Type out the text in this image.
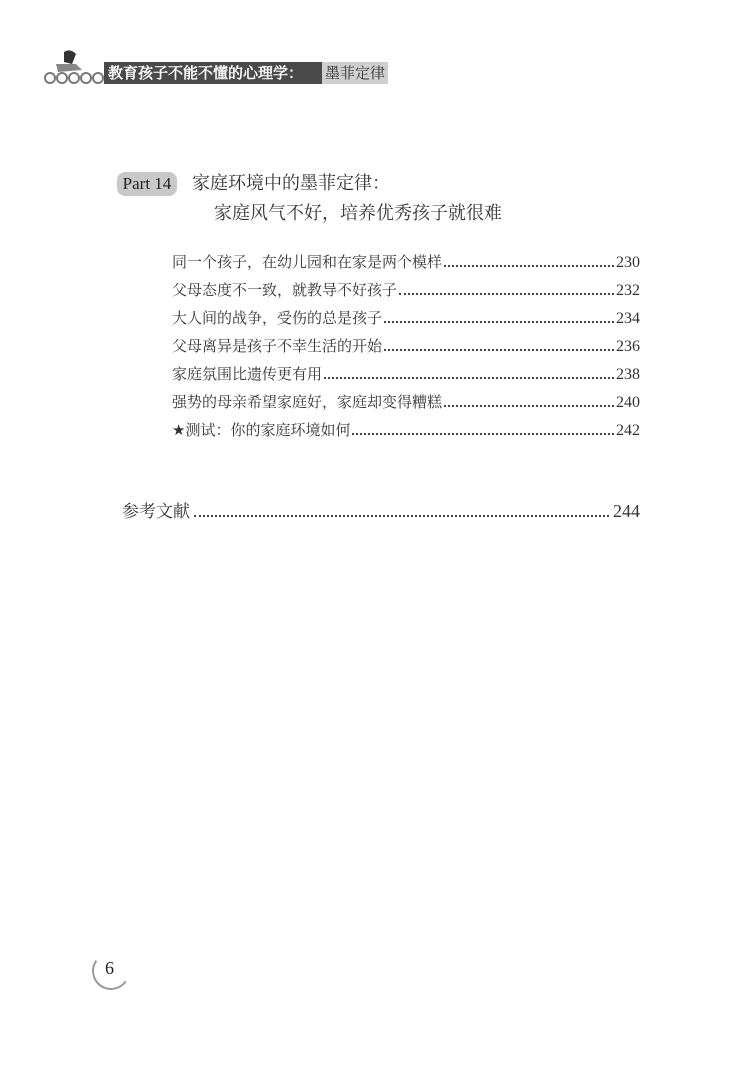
教育孩子不能不懂的心理学：	墨菲定律
Part 14	家庭环境中的墨菲定律：
家庭风气不好，培养优秀孩子就很难
同一个孩子，在幼儿园和在家是两个模样	230
父母态度不一致，就教导不好孩子	232
大人间的战争，受伤的总是孩子	234
父母离异是孩子不幸生活的开始	236
家庭氛围比遗传更有用	238
强势的母亲希望家庭好，家庭却变得糟糕	240
★测试：你的家庭环境如何	242
参考文献	244
6
